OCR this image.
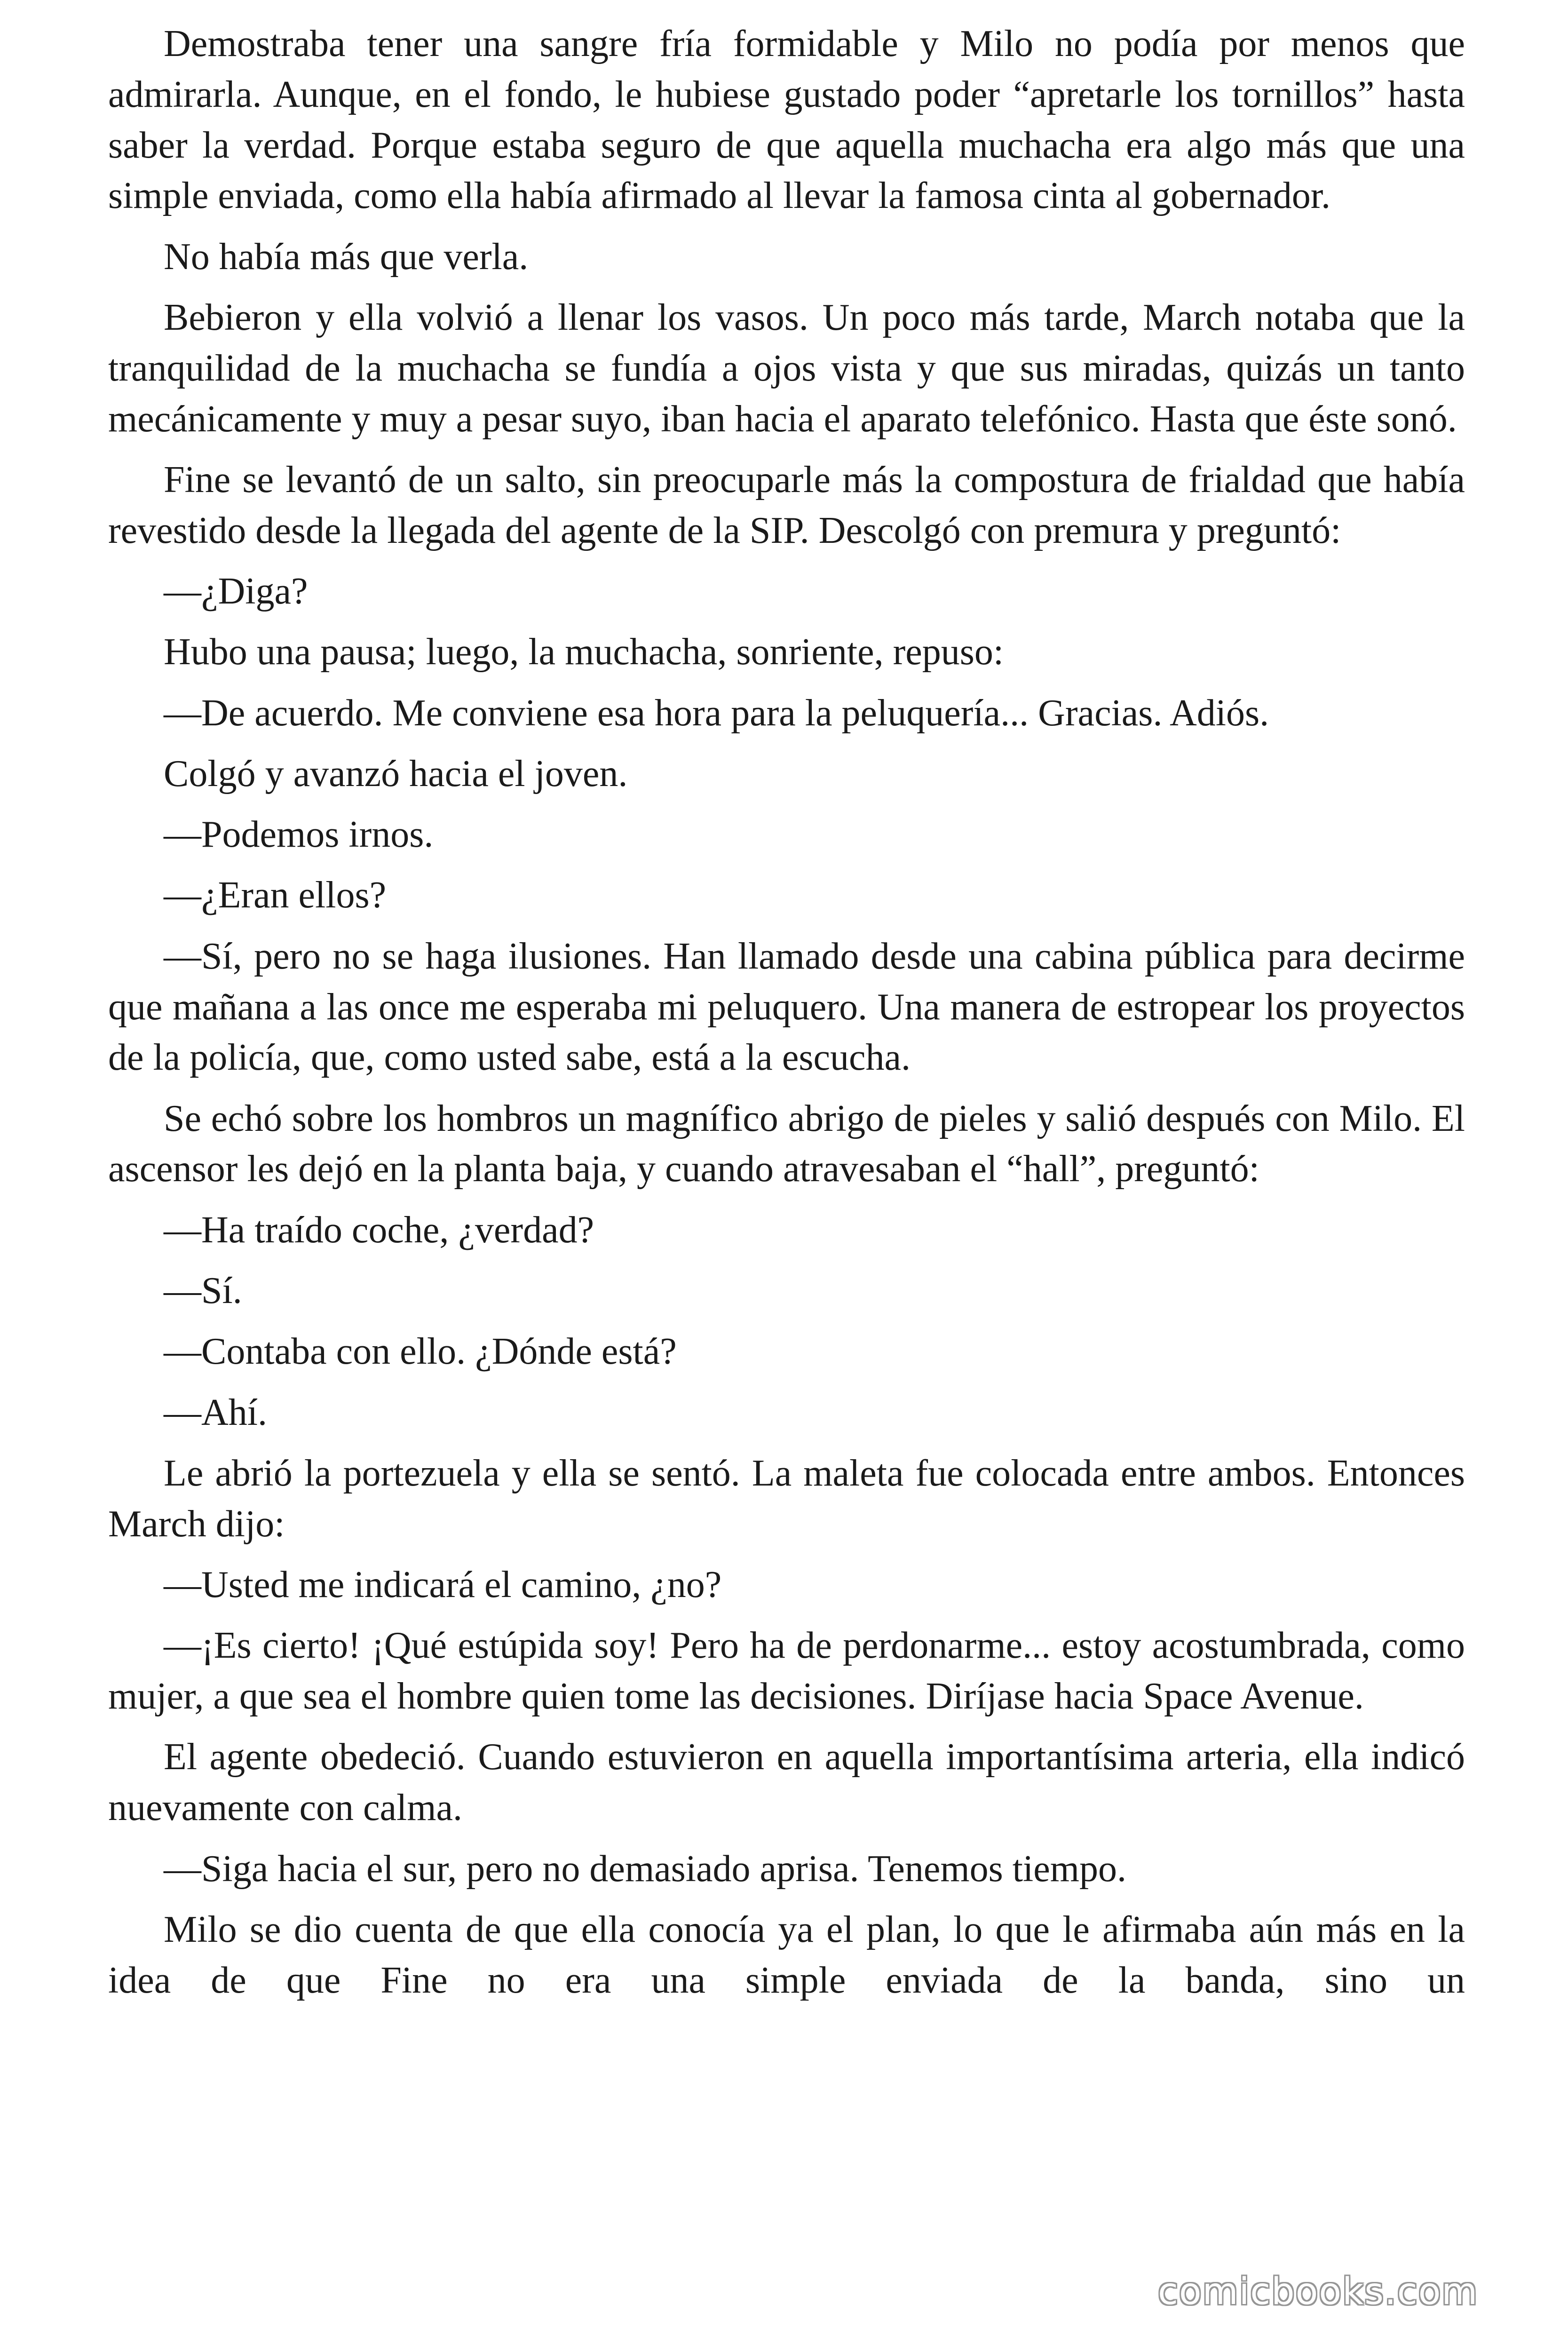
Demostraba tener una sangre fría formidable y Milo no podía por menos que admirarla. Aunque, en el fondo, le hubiese gustado poder “apretarle los tornillos” hasta saber la verdad. Porque estaba seguro de que aquella muchacha era algo más que una simple enviada, como ella había afirmado al llevar la famosa cinta al gobernador.

No había más que verla.

Bebieron y ella volvió a llenar los vasos. Un poco más tarde, March notaba que la tranquilidad de la muchacha se fundía a ojos vista y que sus miradas, quizás un tanto mecánicamente y muy a pesar suyo, iban hacia el aparato telefónico. Hasta que éste sonó.

Fine se levantó de un salto, sin preocuparle más la compostura de frialdad que había revestido desde la llegada del agente de la SIP. Descolgó con premura y preguntó:

—¿Diga?

Hubo una pausa; luego, la muchacha, sonriente, repuso:

—De acuerdo. Me conviene esa hora para la peluquería... Gracias. Adiós.

Colgó y avanzó hacia el joven.

—Podemos irnos.

—¿Eran ellos?

—Sí, pero no se haga ilusiones. Han llamado desde una cabina pública para decirme que mañana a las once me esperaba mi peluquero. Una manera de estropear los proyectos de la policía, que, como usted sabe, está a la escucha.

Se echó sobre los hombros un magnífico abrigo de pieles y salió después con Milo. El ascensor les dejó en la planta baja, y cuando atravesaban el “hall”, preguntó:

—Ha traído coche, ¿verdad?

—Sí.

—Contaba con ello. ¿Dónde está?

—Ahí.

Le abrió la portezuela y ella se sentó. La maleta fue colocada entre ambos. Entonces March dijo:

—Usted me indicará el camino, ¿no?

—¡Es cierto! ¡Qué estúpida soy! Pero ha de perdonarme... estoy acostumbrada, como mujer, a que sea el hombre quien tome las decisiones. Diríjase hacia Space Avenue.

El agente obedeció. Cuando estuvieron en aquella importantísima arteria, ella indicó nuevamente con calma.

—Siga hacia el sur, pero no demasiado aprisa. Tenemos tiempo.

Milo se dio cuenta de que ella conocía ya el plan, lo que le afirmaba aún más en la idea de que Fine no era una simple enviada de la banda, sino un

comicbooks.com
